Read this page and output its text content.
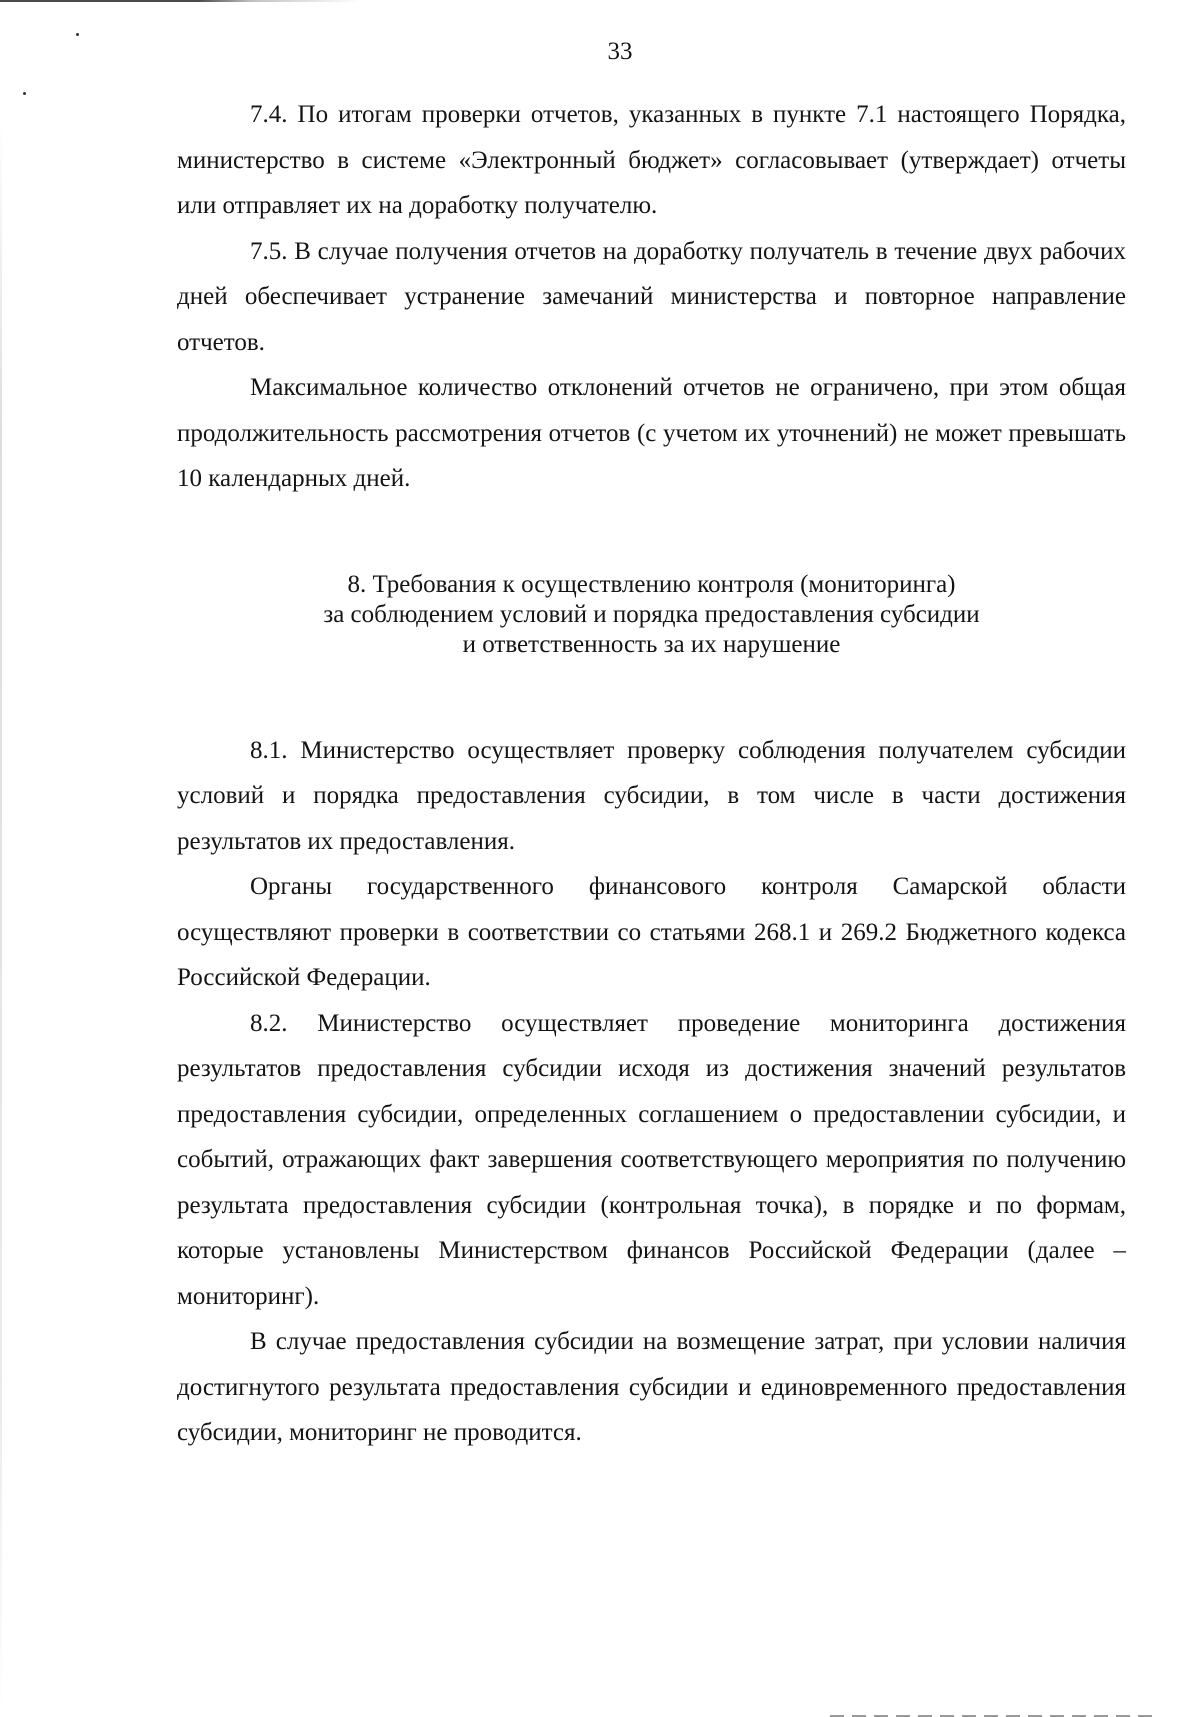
33

7.4. По итогам проверки отчетов, указанных в пункте 7.1 настоящего Порядка, министерство в системе «Электронный бюджет» согласовывает (утверждает) отчеты или отправляет их на доработку получателю.

7.5. В случае получения отчетов на доработку получатель в течение двух рабочих дней обеспечивает устранение замечаний министерства и повторное направление отчетов.

Максимальное количество отклонений отчетов не ограничено, при этом общая продолжительность рассмотрения отчетов (с учетом их уточнений) не может превышать 10 календарных дней.

8. Требования к осуществлению контроля (мониторинга)
за соблюдением условий и порядка предоставления субсидии
и ответственность за их нарушение

8.1. Министерство осуществляет проверку соблюдения получателем субсидии условий и порядка предоставления субсидии, в том числе в части достижения результатов их предоставления.

Органы государственного финансового контроля Самарской области осуществляют проверки в соответствии со статьями 268.1 и 269.2 Бюджетного кодекса Российской Федерации.

8.2. Министерство осуществляет проведение мониторинга достижения результатов предоставления субсидии исходя из достижения значений результатов предоставления субсидии, определенных соглашением о предоставлении субсидии, и событий, отражающих факт завершения соответствующего мероприятия по получению результата предоставления субсидии (контрольная точка), в порядке и по формам, которые установлены Министерством финансов Российской Федерации (далее – мониторинг).

В случае предоставления субсидии на возмещение затрат, при условии наличия достигнутого результата предоставления субсидии и единовременного предоставления субсидии, мониторинг не проводится.
